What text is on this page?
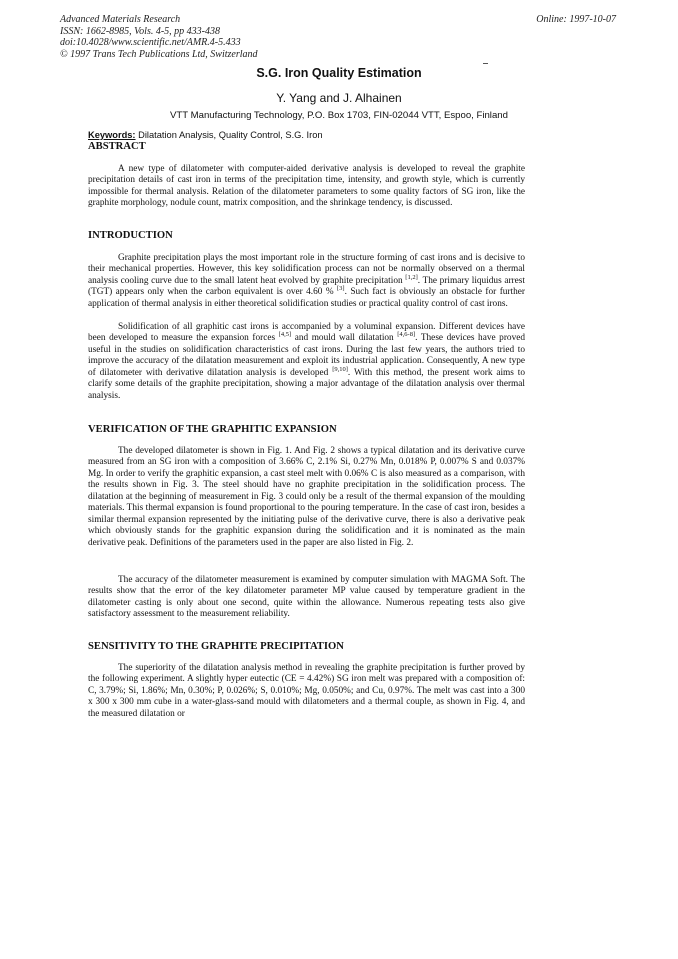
Advanced Materials Research
ISSN: 1662-8985, Vols. 4-5, pp 433-438
doi:10.4028/www.scientific.net/AMR.4-5.433
© 1997 Trans Tech Publications Ltd, Switzerland
Online: 1997-10-07
S.G. Iron Quality Estimation
Y. Yang and J. Alhainen
VTT Manufacturing Technology, P.O. Box 1703, FIN-02044 VTT, Espoo, Finland
Keywords: Dilatation Analysis, Quality Control, S.G. Iron
ABSTRACT

A new type of dilatometer with computer-aided derivative analysis is developed to reveal the graphite precipitation details of cast iron in terms of the precipitation time, intensity, and growth style, which is currently impossible for thermal analysis. Relation of the dilatometer parameters to some quality factors of SG iron, like the graphite morphology, nodule count, matrix composition, and the shrinkage tendency, is discussed.

INTRODUCTION

Graphite precipitation plays the most important role in the structure forming of cast irons and is decisive to their mechanical properties. However, this key solidification process can not be normally observed on a thermal analysis cooling curve due to the small latent heat evolved by graphite precipitation [1,2]. The primary liquidus arrest (TGT) appears only when the carbon equivalent is over 4.60 % [3]. Such fact is obviously an obstacle for further application of thermal analysis in either theoretical solidification studies or practical quality control of cast irons.

Solidification of all graphitic cast irons is accompanied by a voluminal expansion. Different devices have been developed to measure the expansion forces [4,5] and mould wall dilatation [4,6-8]. These devices have proved useful in the studies on solidification characteristics of cast irons. During the last few years, the authors tried to improve the accuracy of the dilatation measurement and exploit its industrial application. Consequently, A new type of dilatometer with derivative dilatation analysis is developed [9,10]. With this method, the present work aims to clarify some details of the graphite precipitation, showing a major advantage of the dilatation analysis over thermal analysis.

VERIFICATION OF THE GRAPHITIC EXPANSION

The developed dilatometer is shown in Fig. 1. And Fig. 2 shows a typical dilatation and its derivative curve measured from an SG iron with a composition of 3.66% C, 2.1% Si, 0.27% Mn, 0.018% P, 0.007% S and 0.037% Mg. In order to verify the graphitic expansion, a cast steel melt with 0.06% C is also measured as a comparison, with the results shown in Fig. 3. The steel should have no graphite precipitation in the solidification process. The dilatation at the beginning of measurement in Fig. 3 could only be a result of the thermal expansion of the moulding materials. This thermal expansion is found proportional to the pouring temperature. In the case of cast iron, besides a similar thermal expansion represented by the initiating pulse of the derivative curve, there is also a derivative peak which obviously stands for the graphitic expansion during the solidification and it is nominated as the main derivative peak. Definitions of the parameters used in the paper are also listed in Fig. 2.

The accuracy of the dilatometer measurement is examined by computer simulation with MAGMA Soft. The results show that the error of the key dilatometer parameter MP value caused by temperature gradient in the dilatometer casting is only about one second, quite within the allowance. Numerous repeating tests also give satisfactory assessment to the measurement reliability.

SENSITIVITY TO THE GRAPHITE PRECIPITATION

The superiority of the dilatation analysis method in revealing the graphite precipitation is further proved by the following experiment. A slightly hyper eutectic (CE = 4.42%) SG iron melt was prepared with a composition of: C, 3.79%; Si, 1.86%; Mn, 0.30%; P, 0.026%; S, 0.010%; Mg, 0.050%; and Cu, 0.97%. The melt was cast into a 300 x 300 x 300 mm cube in a water-glass-sand mould with dilatometers and a thermal couple, as shown in Fig. 4, and the measured dilatation or
